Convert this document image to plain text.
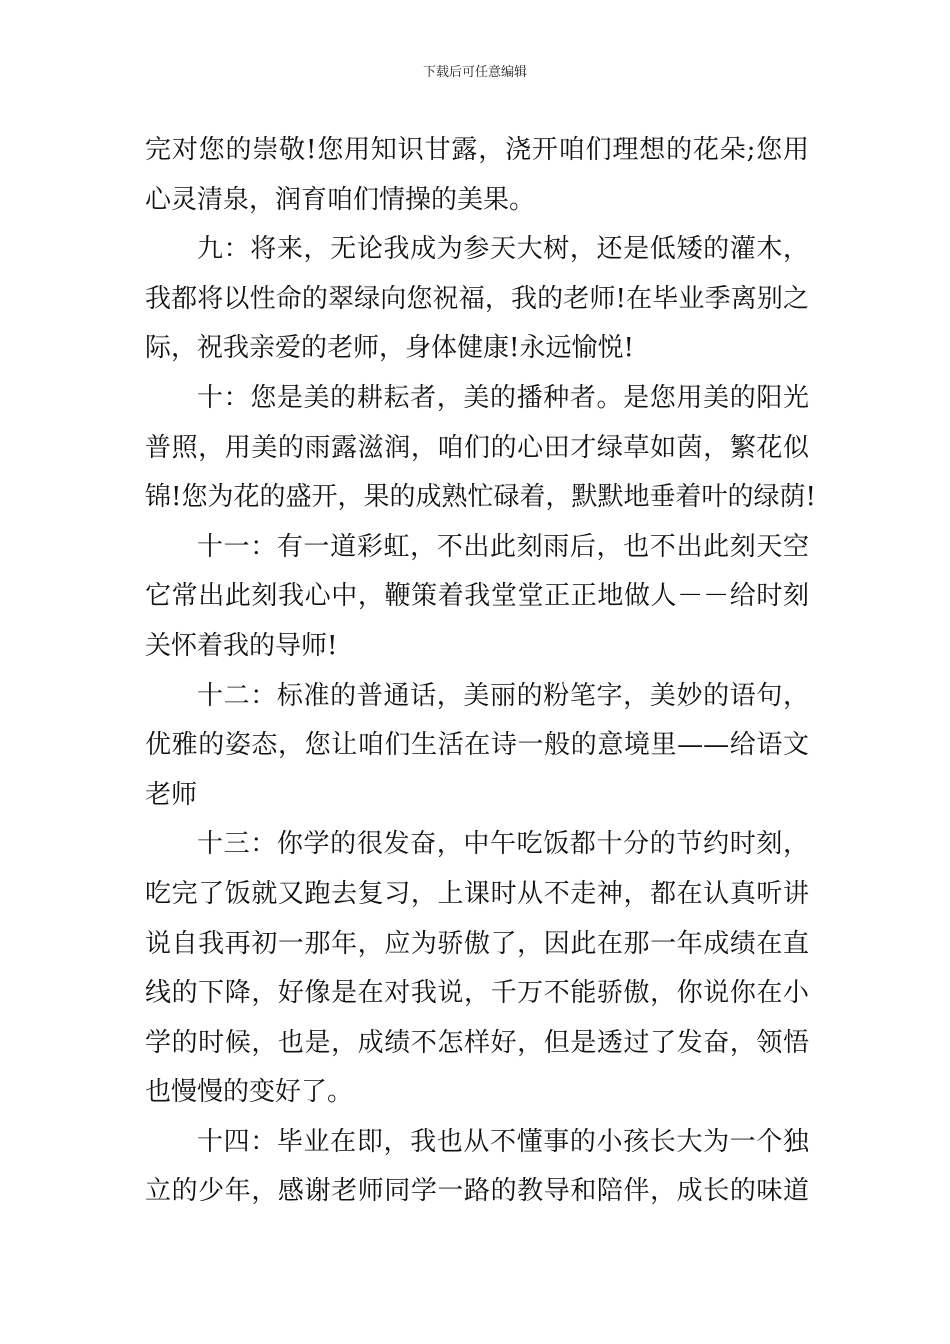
下载后可任意编辑
完对您的崇敬!您用知识甘露，浇开咱们理想的花朵;您用
心灵清泉，润育咱们情操的美果。
九：将来，无论我成为参天大树，还是低矮的灌木，
我都将以性命的翠绿向您祝福，我的老师!在毕业季离别之
际，祝我亲爱的老师，身体健康!永远愉悦!
十：您是美的耕耘者，美的播种者。是您用美的阳光
普照，用美的雨露滋润，咱们的心田才绿草如茵，繁花似
锦!您为花的盛开，果的成熟忙碌着，默默地垂着叶的绿荫!
十一：有一道彩虹，不出此刻雨后，也不出此刻天空
它常出此刻我心中，鞭策着我堂堂正正地做人－－给时刻
关怀着我的导师!
十二：标准的普通话，美丽的粉笔字，美妙的语句，
优雅的姿态，您让咱们生活在诗一般的意境里——给语文
老师
十三：你学的很发奋，中午吃饭都十分的节约时刻，
吃完了饭就又跑去复习，上课时从不走神，都在认真听讲
说自我再初一那年，应为骄傲了，因此在那一年成绩在直
线的下降，好像是在对我说，千万不能骄傲，你说你在小
学的时候，也是，成绩不怎样好，但是透过了发奋，领悟
也慢慢的变好了。
十四：毕业在即，我也从不懂事的小孩长大为一个独
立的少年，感谢老师同学一路的教导和陪伴，成长的味道
